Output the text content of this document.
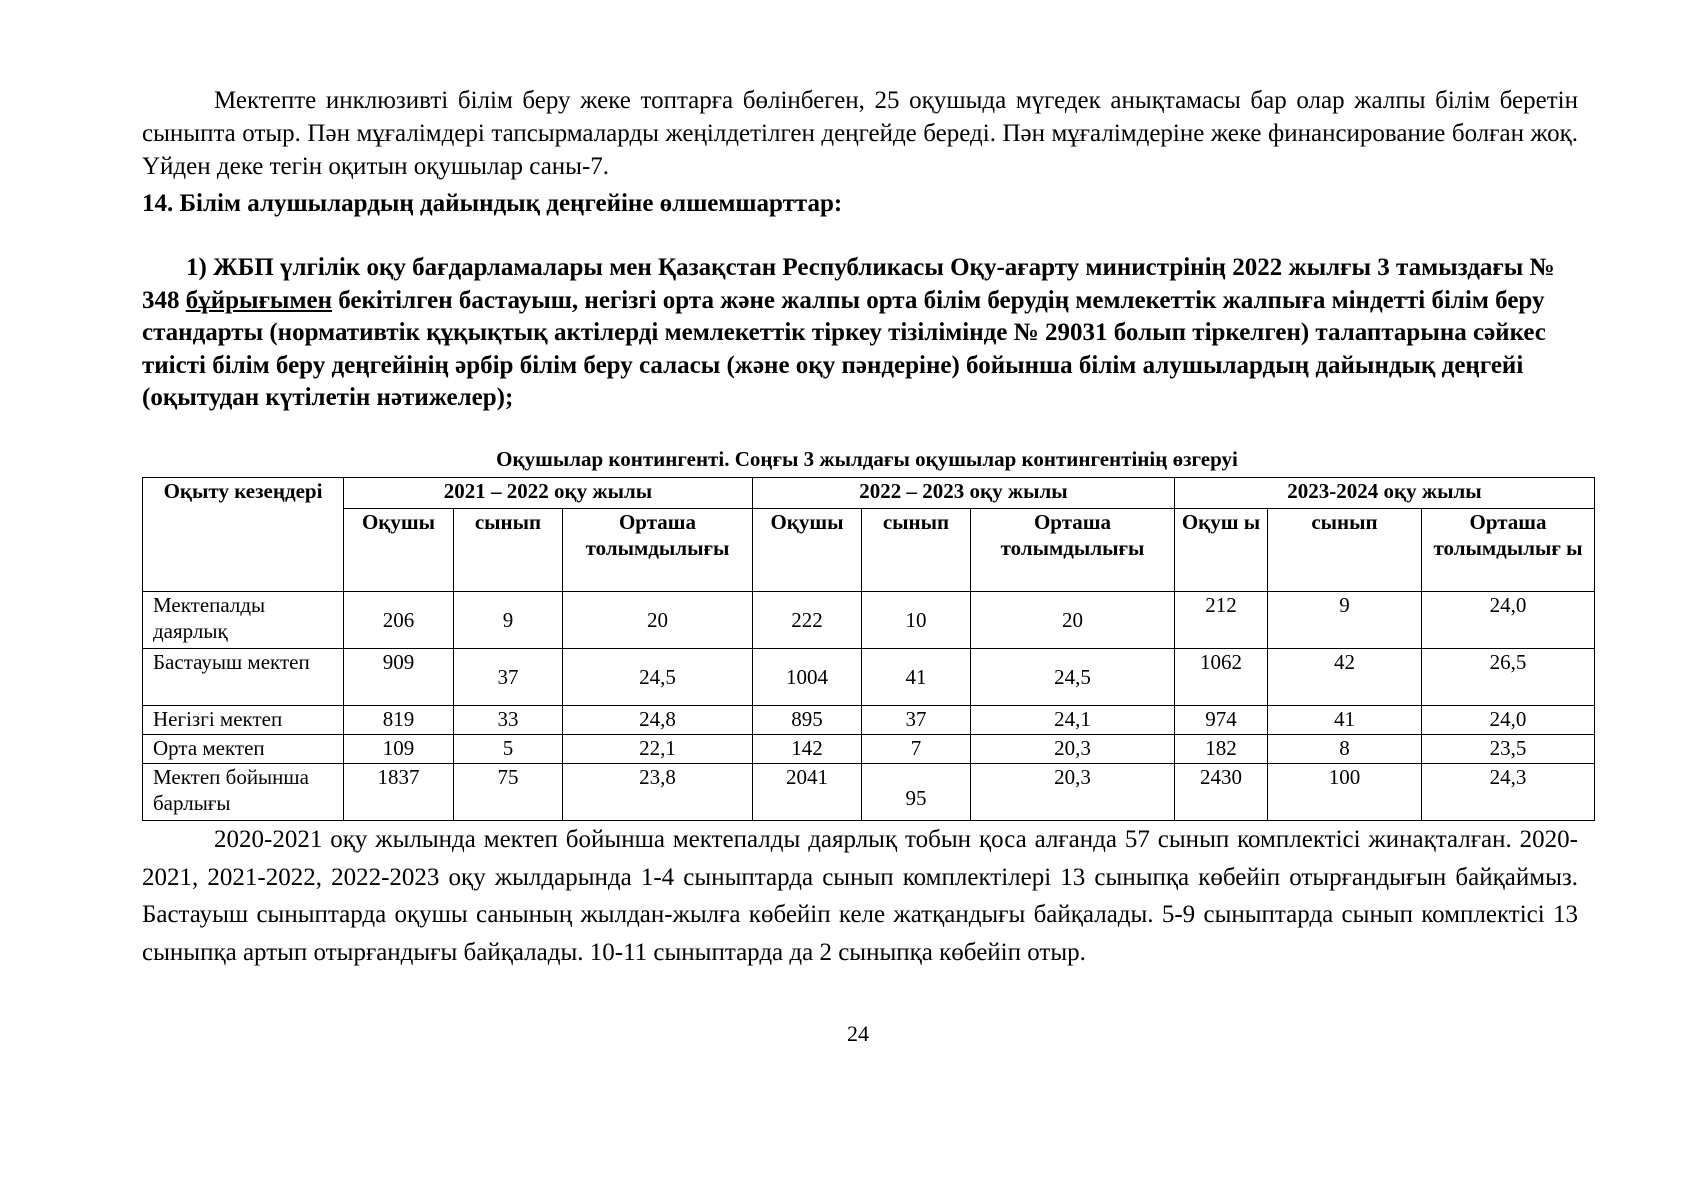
Мектепте инклюзивті білім беру жеке топтарға бөлінбеген, 25 оқушыда мүгедек анықтамасы бар олар жалпы білім беретін сыныпта отыр. Пән мұғалімдері тапсырмаларды жеңілдетілген деңгейде береді. Пән мұғалімдеріне жеке финансирование болған жоқ. Үйден деке тегін оқитын оқушылар саны-7.

14. Білім алушылардың дайындық деңгейіне өлшемшарттар:

1) ЖБП үлгілік оқу бағдарламалары мен Қазақстан Республикасы Оқу-ағарту министрінің 2022 жылғы 3 тамыздағы № 348 бұйрығымен бекітілген бастауыш, негізгі орта және жалпы орта білім берудің мемлекеттік жалпыға міндетті білім беру стандарты (нормативтік құқықтық актілерді мемлекеттік тіркеу тізілімінде № 29031 болып тіркелген) талаптарына сәйкес тиісті білім беру деңгейінің әрбір білім беру саласы (және оқу пәндеріне) бойынша білім алушылардың дайындық деңгейі (оқытудан күтілетін нәтижелер);

Оқушылар контингенті. Соңғы 3 жылдағы оқушылар контингентінің өзгеруі
Оқыту кезеңдері	2021 – 2022 оқу жылы			2022 – 2023 оқу жылы			2023-2024 оқу жылы		
	Оқушы	сынып	Орташа толымдылығы	Оқушы	сынып	Орташа толымдылығы	Оқуш ы	сынып	Орташа толымдылығ ы
Мектепалды даярлық	206	9	20	222	10	20	212	9	24,0
Бастауыш мектеп	909	37	24,5	1004	41	24,5	1062	42	26,5
Негізгі мектеп	819	33	24,8	895	37	24,1	974	41	24,0
Орта мектеп	109	5	22,1	142	7	20,3	182	8	23,5
Мектеп бойынша барлығы	1837	75	23,8	2041	95	20,3	2430	100	24,3

2020-2021 оқу жылында мектеп бойынша мектепалды даярлық тобын қоса алғанда 57 сынып комплектісі жинақталған. 2020-2021, 2021-2022, 2022-2023 оқу жылдарында 1-4 сыныптарда сынып комплектілері 13 сыныпқа көбейіп отырғандығын байқаймыз. Бастауыш сыныптарда оқушы санының жылдан-жылға көбейіп келе жатқандығы байқалады. 5-9 сыныптарда сынып комплектісі 13 сыныпқа артып отырғандығы байқалады. 10-11 сыныптарда да 2 сыныпқа көбейіп отыр.

24
